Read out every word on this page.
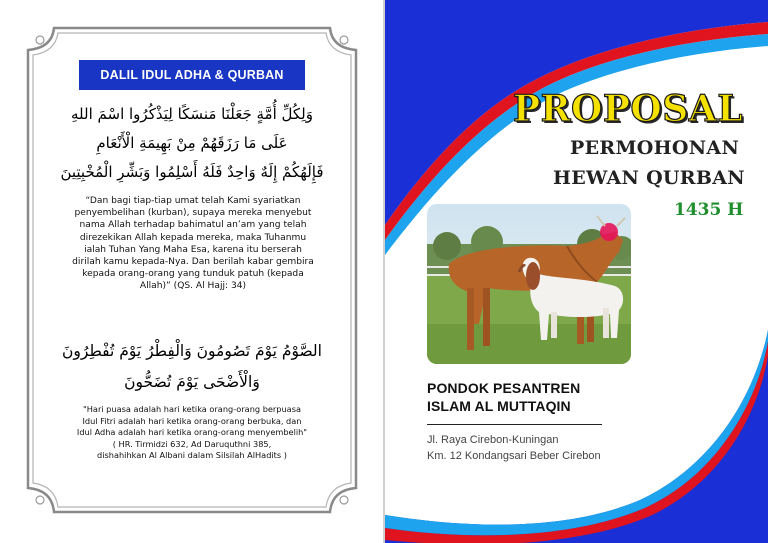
DALIL IDUL ADHA & QURBAN
وَلِكُلِّ أُمَّةٍ جَعَلْنَا مَنسَكًا لِيَذْكُرُوا اسْمَ اللهِ
عَلَى مَا رَزَقَهُمْ مِنْ بَهِيمَةِ الْأَنْعَامِ
فَإِلَهُكُمْ إِلَهٌ وَاحِدٌ فَلَهُ أَسْلِمُوا وَبَشِّرِ الْمُخْبِتِينَ
“Dan bagi tiap-tiap umat telah Kami syariatkan
penyembelihan (kurban), supaya mereka menyebut
nama Allah terhadap bahimatul an’am yang telah
direzekikan Allah kepada mereka, maka Tuhanmu
ialah Tuhan Yang Maha Esa, karena itu berserah
dirilah kamu kepada-Nya. Dan berilah kabar gembira
kepada orang-orang yang tunduk patuh (kepada
Allah)” (QS. Al Hajj: 34)
الصَّوْمُ يَوْمَ تَصُومُونَ وَالْفِطْرُ يَوْمَ تُفْطِرُونَ
وَالْأَضْحَى يَوْمَ تُضَحُّونَ
"Hari puasa adalah hari ketika orang-orang berpuasa
Idul Fitri adalah hari ketika orang-orang berbuka, dan
Idul Adha adalah hari ketika orang-orang menyembelih"
( HR. Tirmidzi 632, Ad Daruquthni 385,
dishahihkan Al Albani dalam Silsilah AlHadits )
PROPOSAL
PERMOHONAN
HEWAN QURBAN
1435 H
PONDOK PESANTREN
ISLAM AL MUTTAQIN
Jl. Raya Cirebon-Kuningan
Km. 12 Kondangsari Beber Cirebon
